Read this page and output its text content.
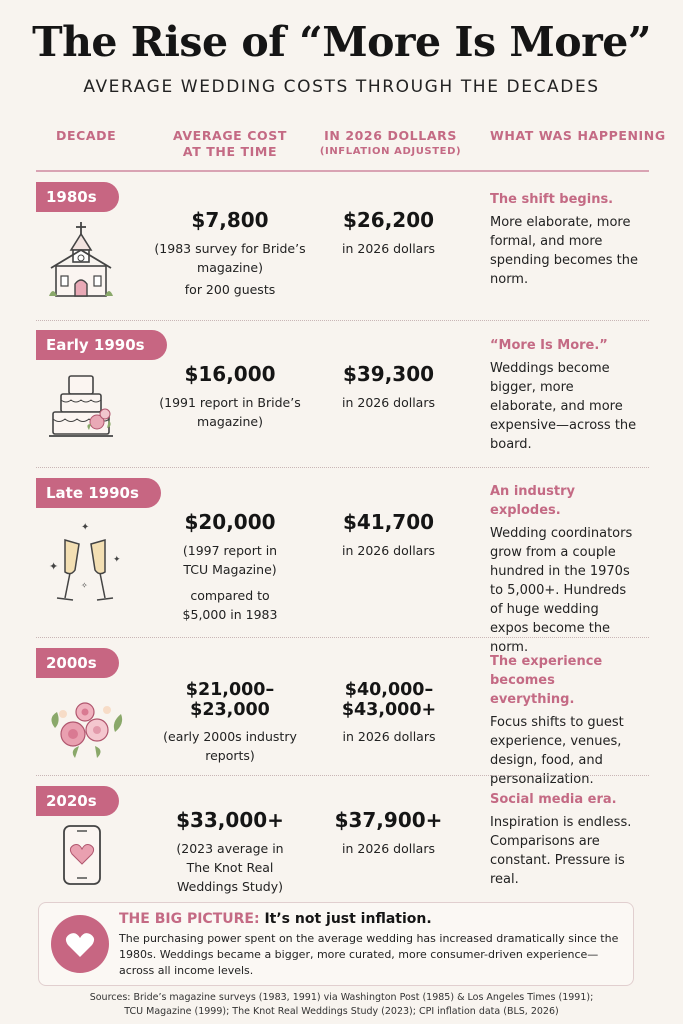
The Rise of “More Is More”
AVERAGE WEDDING COSTS THROUGH THE DECADES
DECADE	AVERAGE COST
AT THE TIME
IN 2026 DOLLARS
(INFLATION ADJUSTED)
WHAT WAS HAPPENING
1980s
$7,800
(1983 survey for Bride’s magazine)
for 200 guests
$26,200
in 2026 dollars
The shift begins.
More elaborate, more formal, and more spending becomes the norm.
Early 1990s
$16,000
(1991 report in Bride’s magazine)
$39,300
in 2026 dollars
“More Is More.”
Weddings become bigger, more elaborate, and more expensive—across the board.
Late 1990s
✦
✦	✦
✧
$20,000
(1997 report in TCU Magazine)
compared to $5,000 in 1983
$41,700
in 2026 dollars
An industry explodes.
Wedding coordinators grow from a couple hundred in the 1970s to 5,000+. Hundreds of huge wedding expos become the norm.
2000s
$21,000–$23,000
(early 2000s industry reports)
$40,000–$43,000+
in 2026 dollars
The experience becomes everything.
Focus shifts to guest experience, venues, design, food, and personalization.
2020s
$33,000+
(2023 average in The Knot Real Weddings Study)
$37,900+
in 2026 dollars
Social media era.
Inspiration is endless. Comparisons are constant. Pressure is real.
THE BIG PICTURE: It’s not just inflation.
The purchasing power spent on the average wedding has increased dramatically since the 1980s. Weddings became a bigger, more curated, more consumer-driven experience—across all income levels.
Sources: Bride’s magazine surveys (1983, 1991) via Washington Post (1985) & Los Angeles Times (1991);
TCU Magazine (1999); The Knot Real Weddings Study (2023); CPI inflation data (BLS, 2026)
